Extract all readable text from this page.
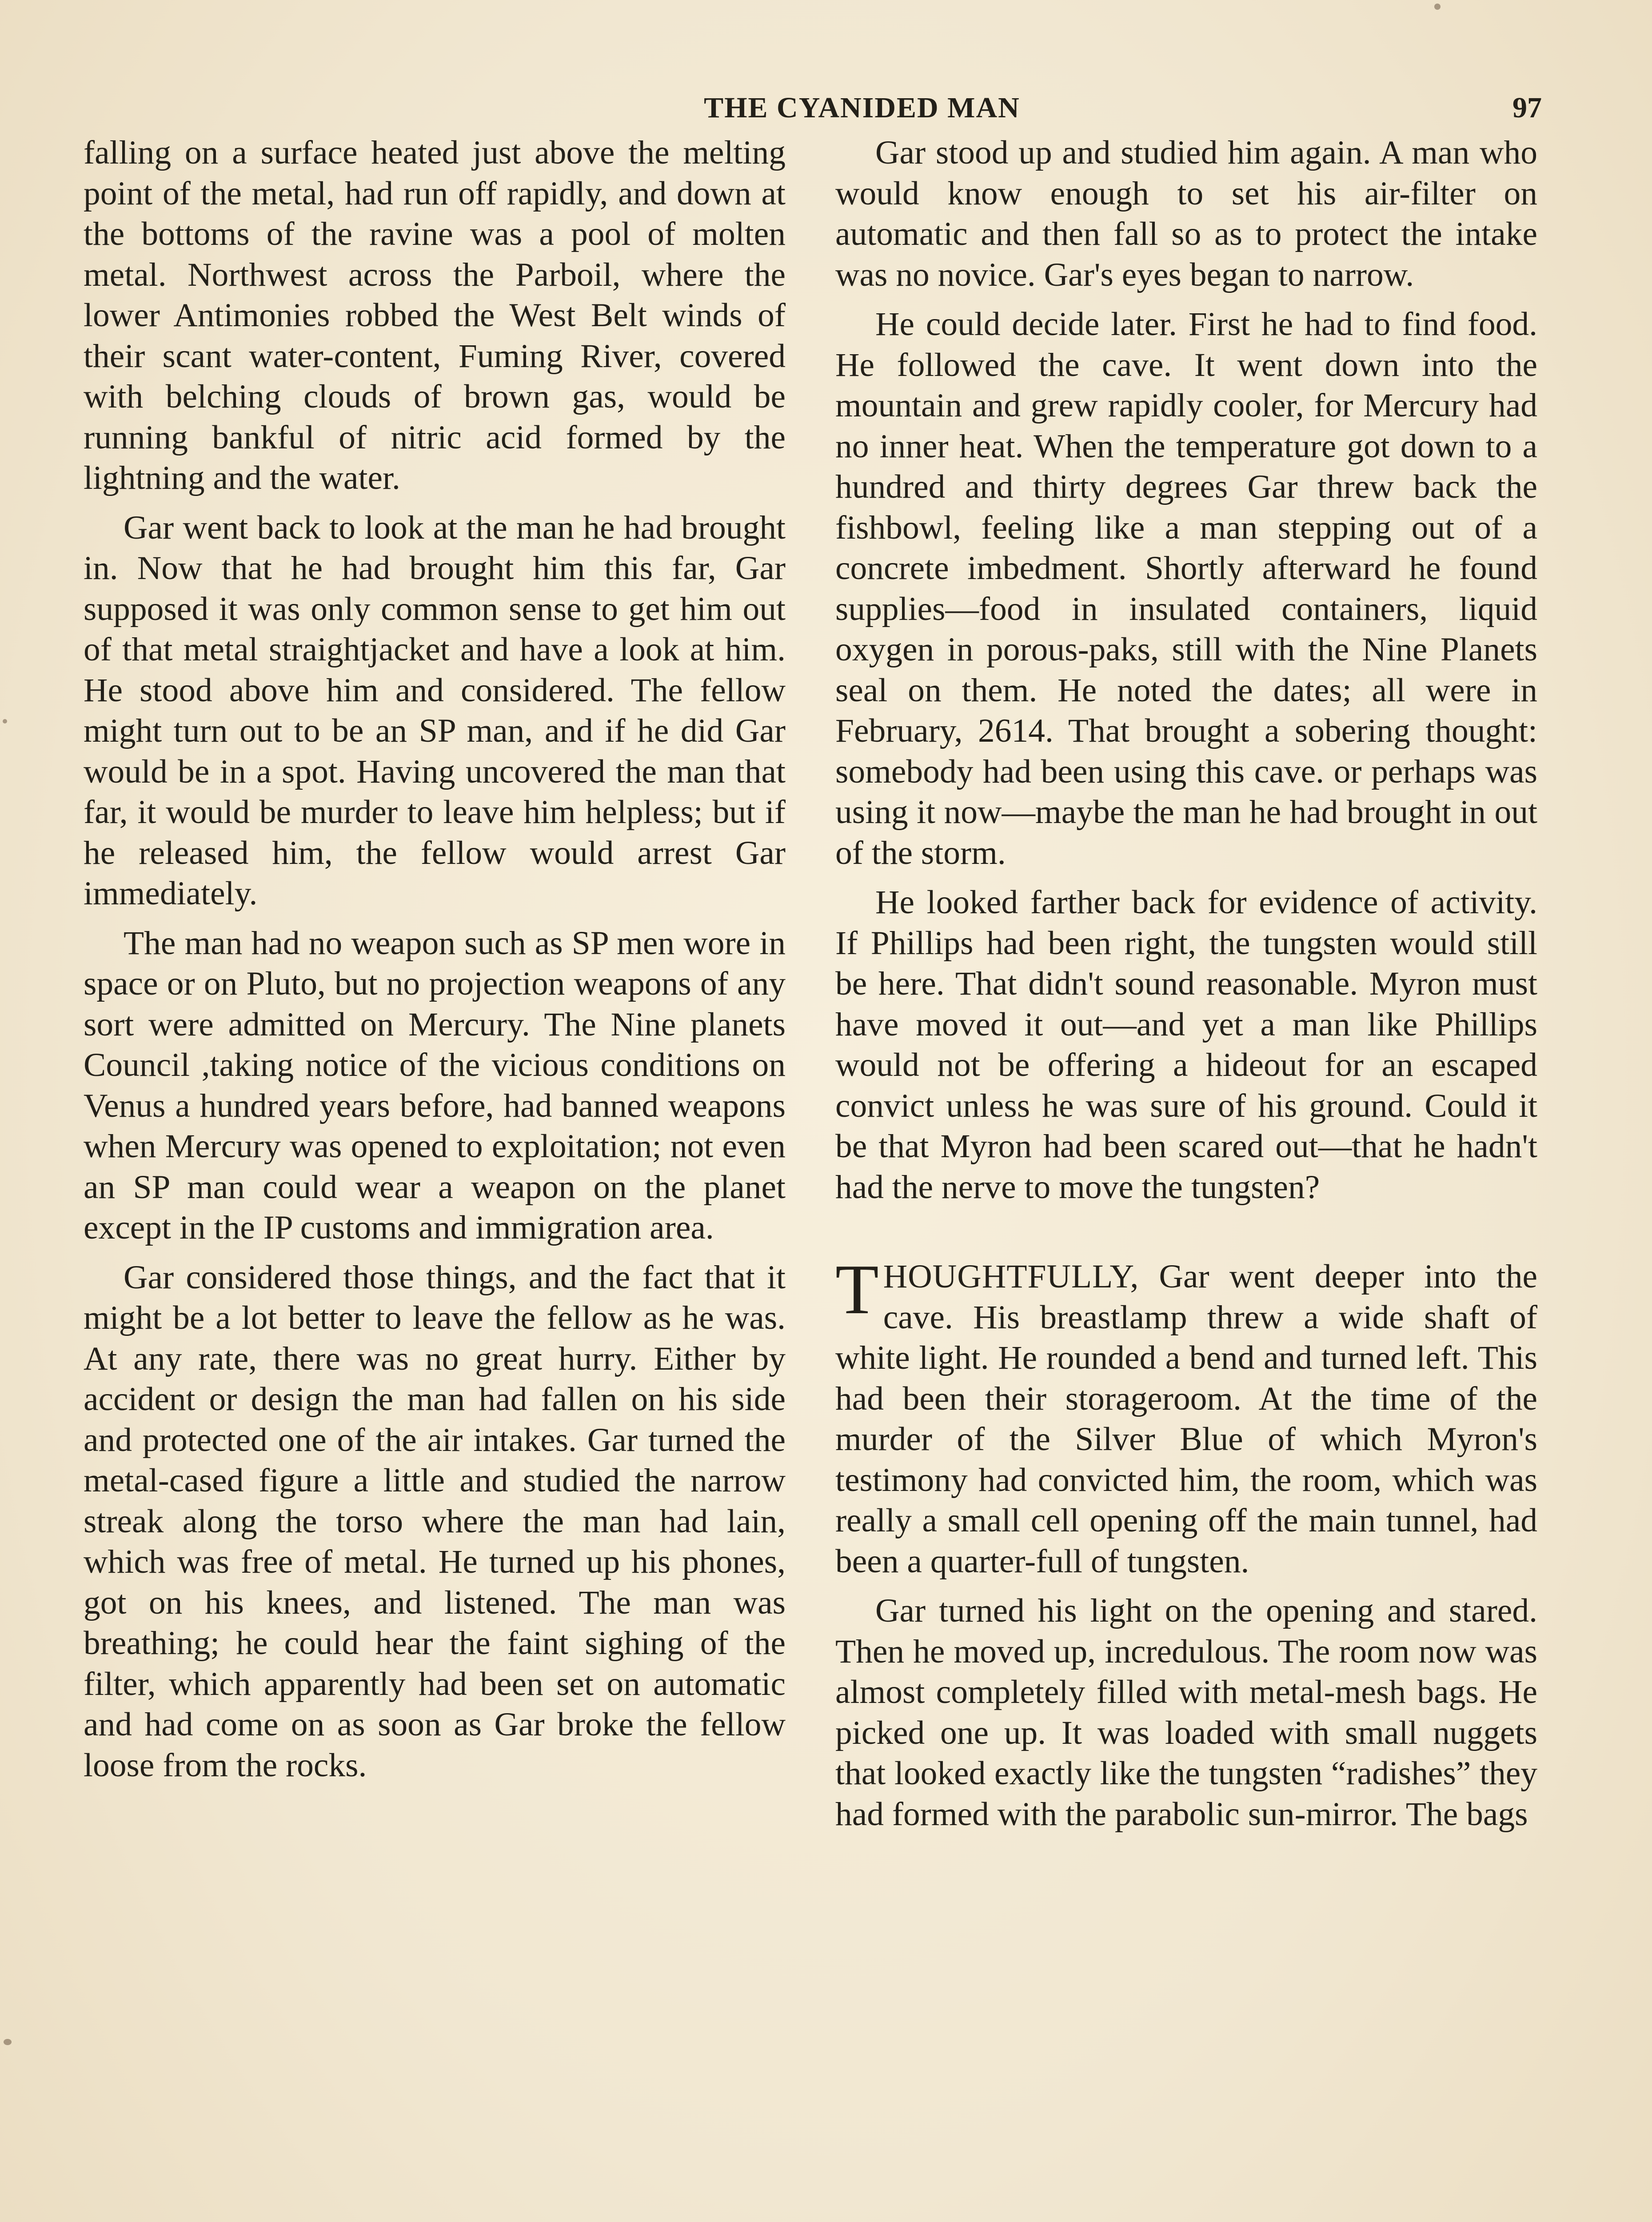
THE CYANIDED MAN	97

falling on a surface heated just above the melting point of the metal, had run off rapidly, and down at the bottoms of the ravine was a pool of molten metal. Northwest across the Parboil, where the lower Antimonies robbed the West Belt winds of their scant water-content, Fuming River, covered with belching clouds of brown gas, would be running bankful of nitric acid formed by the lightning and the water.

Gar went back to look at the man he had brought in. Now that he had brought him this far, Gar supposed it was only common sense to get him out of that metal straightjacket and have a look at him. He stood above him and considered. The fellow might turn out to be an SP man, and if he did Gar would be in a spot. Having uncovered the man that far, it would be murder to leave him helpless; but if he released him, the fellow would arrest Gar immediately.

The man had no weapon such as SP men wore in space or on Pluto, but no projection weapons of any sort were admitted on Mercury. The Nine planets Council ,taking notice of the vicious conditions on Venus a hundred years before, had banned weapons when Mercury was opened to exploitation; not even an SP man could wear a weapon on the planet except in the IP customs and immigration area.

Gar considered those things, and the fact that it might be a lot better to leave the fellow as he was. At any rate, there was no great hurry. Either by accident or design the man had fallen on his side and protected one of the air intakes. Gar turned the metal-cased figure a little and studied the narrow streak along the torso where the man had lain, which was free of metal. He turned up his phones, got on his knees, and listened. The man was breathing; he could hear the faint sighing of the filter, which apparently had been set on automatic and had come on as soon as Gar broke the fellow loose from the rocks.

Gar stood up and studied him again. A man who would know enough to set his air-filter on automatic and then fall so as to protect the intake was no novice. Gar's eyes began to narrow.

He could decide later. First he had to find food. He followed the cave. It went down into the mountain and grew rapidly cooler, for Mercury had no inner heat. When the temperature got down to a hundred and thirty degrees Gar threw back the fishbowl, feeling like a man stepping out of a concrete imbedment. Shortly afterward he found supplies—food in insulated containers, liquid oxygen in porous-paks, still with the Nine Planets seal on them. He noted the dates; all were in February, 2614. That brought a sobering thought: somebody had been using this cave. or perhaps was using it now—maybe the man he had brought in out of the storm.

He looked farther back for evidence of activity. If Phillips had been right, the tungsten would still be here. That didn't sound reasonable. Myron must have moved it out—and yet a man like Phillips would not be offering a hideout for an escaped convict unless he was sure of his ground. Could it be that Myron had been scared out—that he hadn't had the nerve to move the tungsten?

THOUGHTFULLY, Gar went deeper into the cave. His breastlamp threw a wide shaft of white light. He rounded a bend and turned left. This had been their storageroom. At the time of the murder of the Silver Blue of which Myron's testimony had convicted him, the room, which was really a small cell opening off the main tunnel, had been a quarter-full of tungsten.

Gar turned his light on the opening and stared. Then he moved up, incredulous. The room now was almost completely filled with metal-mesh bags. He picked one up. It was loaded with small nuggets that looked exactly like the tungsten “radishes” they had formed with the parabolic sun-mirror. The bags
